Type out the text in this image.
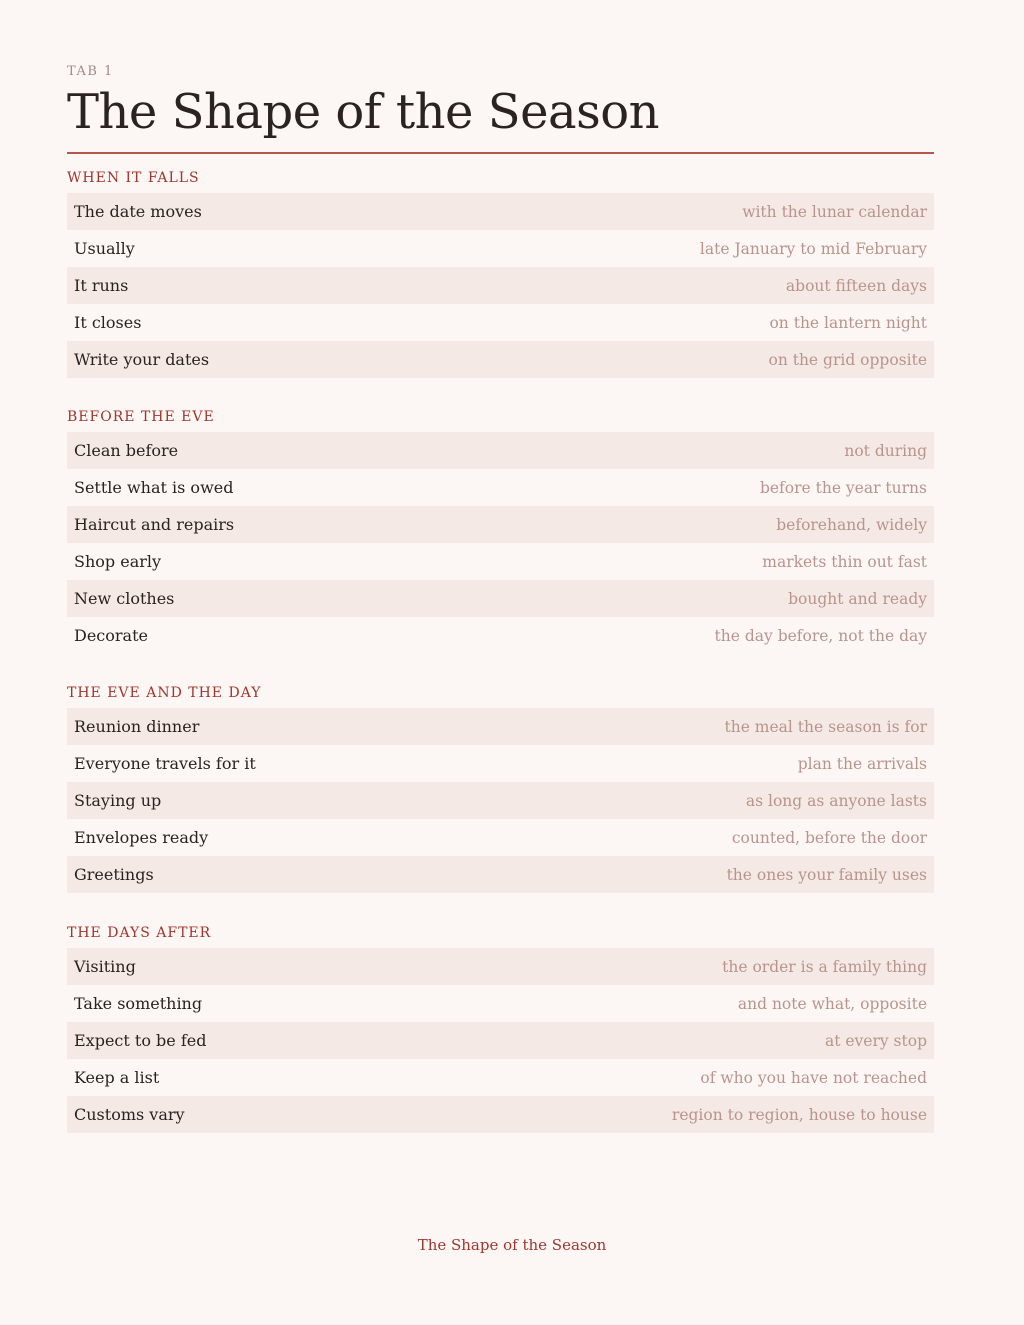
TAB 1
The Shape of the Season
WHEN IT FALLS
The date moves	with the lunar calendar
Usually	late January to mid February
It runs	about fifteen days
It closes	on the lantern night
Write your dates	on the grid opposite
BEFORE THE EVE
Clean before	not during
Settle what is owed	before the year turns
Haircut and repairs	beforehand, widely
Shop early	markets thin out fast
New clothes	bought and ready
Decorate	the day before, not the day
THE EVE AND THE DAY
Reunion dinner	the meal the season is for
Everyone travels for it	plan the arrivals
Staying up	as long as anyone lasts
Envelopes ready	counted, before the door
Greetings	the ones your family uses
THE DAYS AFTER
Visiting	the order is a family thing
Take something	and note what, opposite
Expect to be fed	at every stop
Keep a list	of who you have not reached
Customs vary	region to region, house to house
The Shape of the Season
